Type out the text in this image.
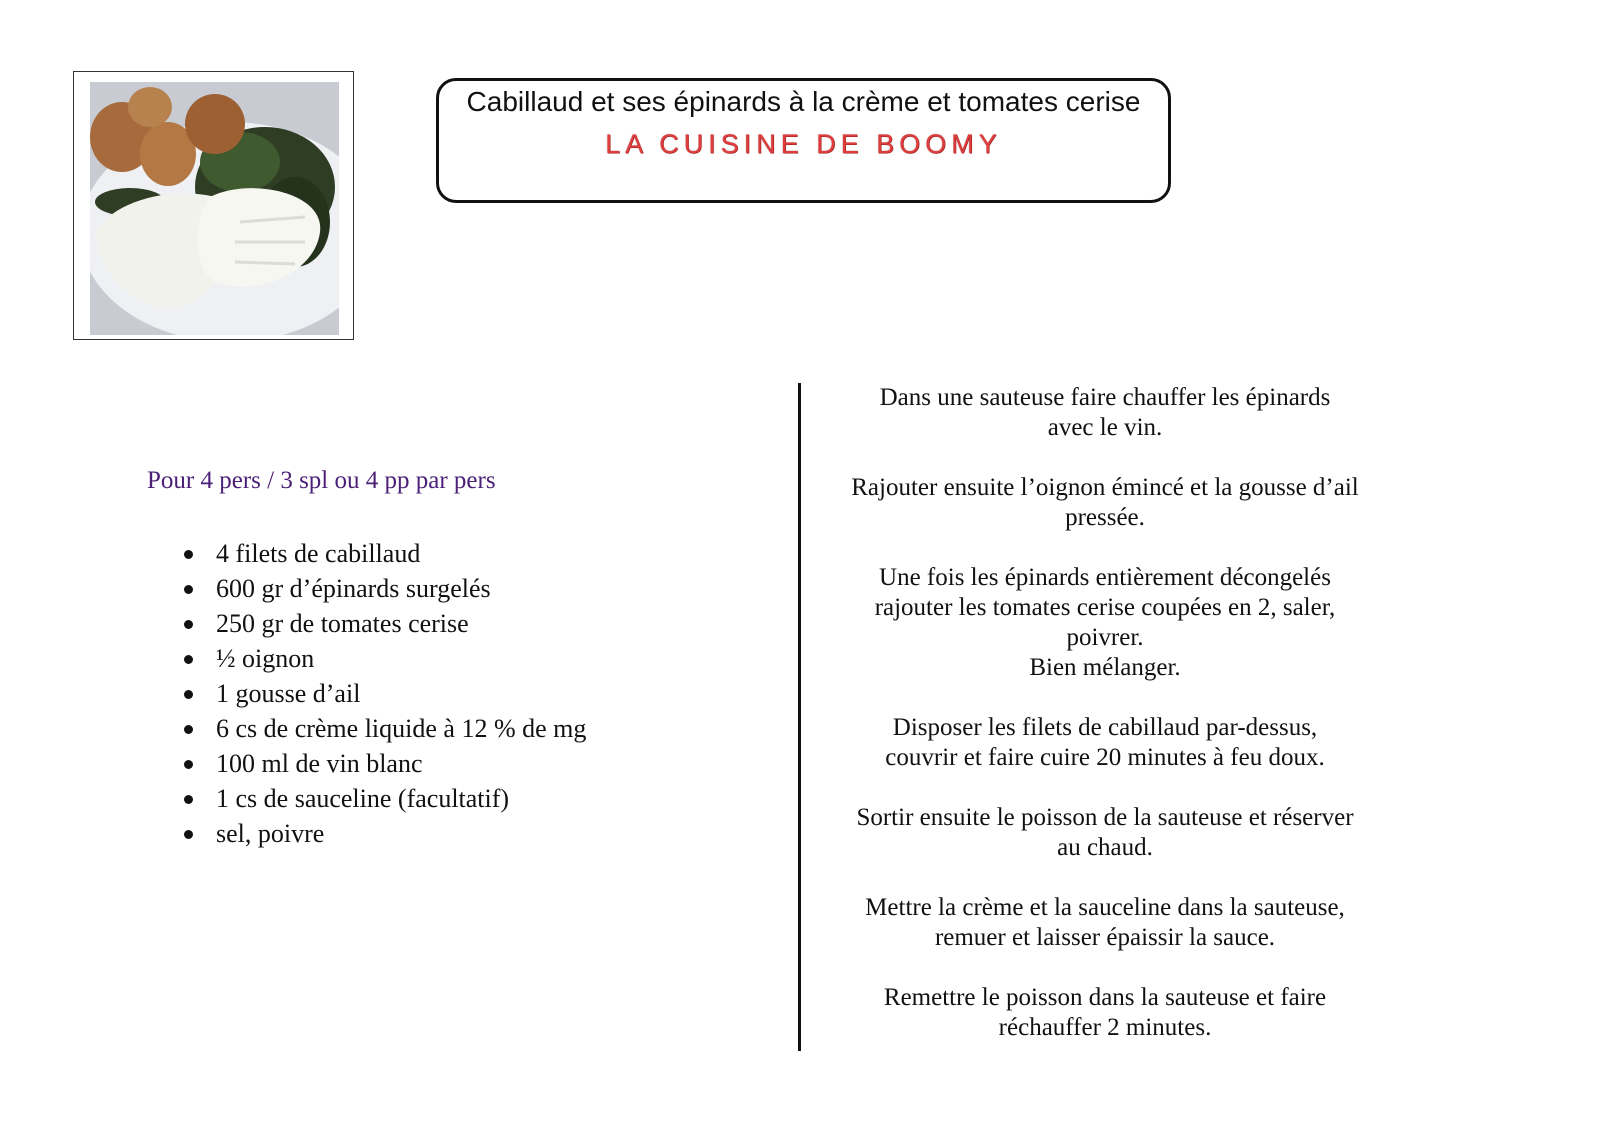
Cabillaud et ses épinards à la crème et tomates cerise
LA CUISINE DE BOOMY
Pour 4 pers / 3 spl ou 4 pp par pers
4 filets de cabillaud
600 gr d’épinards surgelés
250 gr de tomates cerise
½ oignon
1 gousse d’ail
6 cs de crème liquide à 12 % de mg
100 ml de vin blanc
1 cs de sauceline (facultatif)
sel, poivre

Dans une sauteuse faire chauffer les épinards
avec le vin.

Rajouter ensuite l’oignon émincé et la gousse d’ail
pressée.

Une fois les épinards entièrement décongelés
rajouter les tomates cerise coupées en 2, saler,
poivrer.
Bien mélanger.

Disposer les filets de cabillaud par-dessus,
couvrir et faire cuire 20 minutes à feu doux.

Sortir ensuite le poisson de la sauteuse et réserver
au chaud.

Mettre la crème et la sauceline dans la sauteuse,
remuer et laisser épaissir la sauce.

Remettre le poisson dans la sauteuse et faire
réchauffer 2 minutes.
